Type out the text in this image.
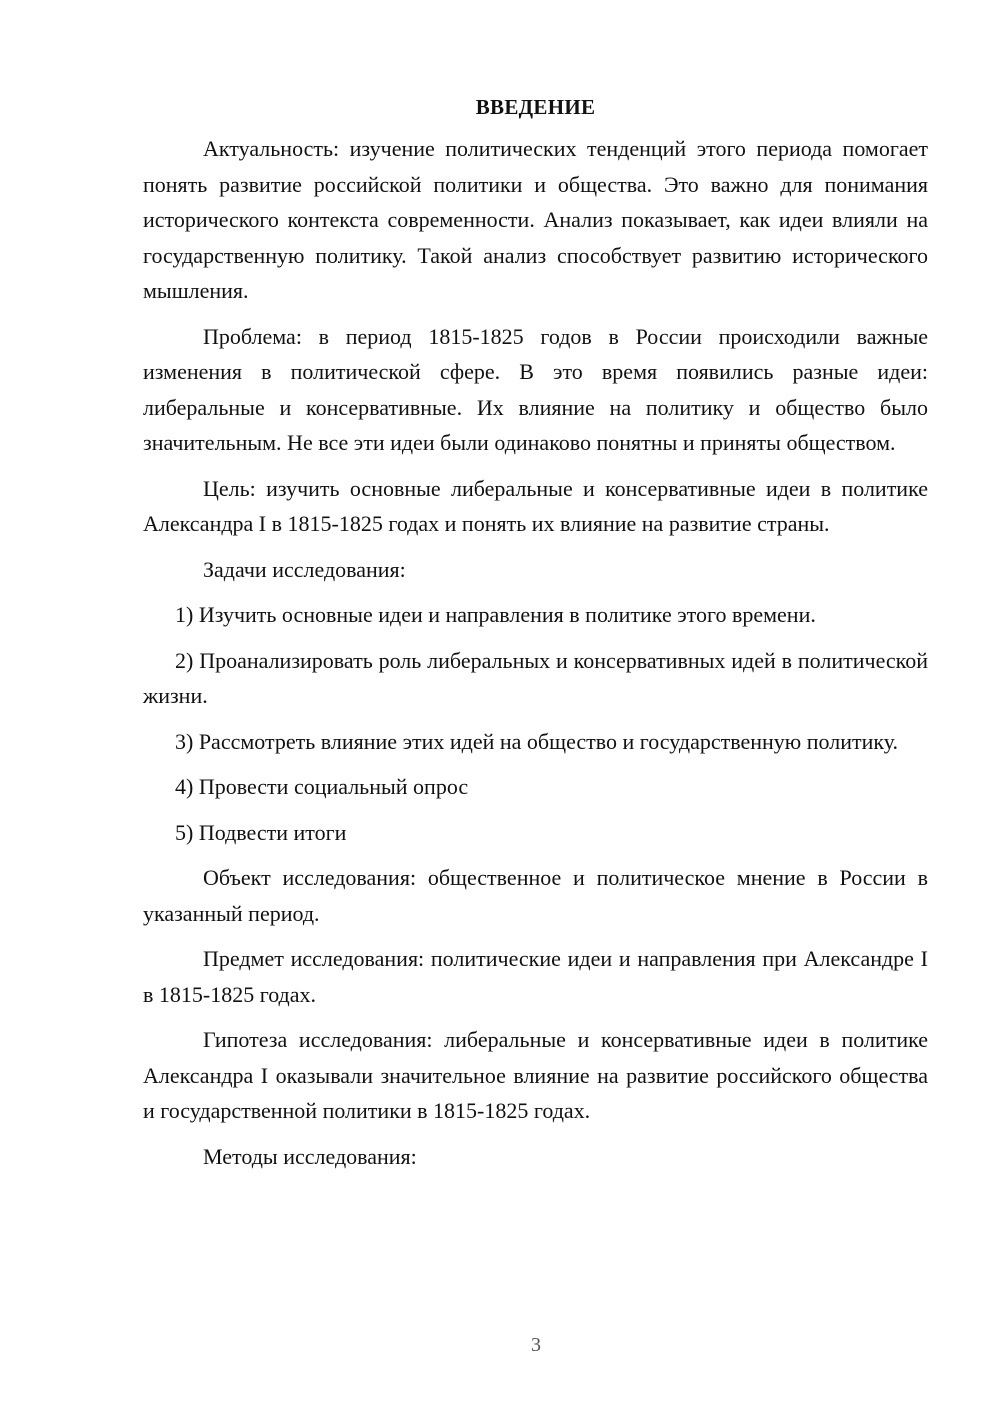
ВВЕДЕНИЕ

Актуальность: изучение политических тенденций этого периода помогает понять развитие российской политики и общества. Это важно для понимания исторического контекста современности. Анализ показывает, как идеи влияли на государственную политику. Такой анализ способствует развитию исторического мышления.

Проблема: в период 1815-1825 годов в России происходили важные изменения в политической сфере. В это время появились разные идеи: либеральные и консервативные. Их влияние на политику и общество было значительным. Не все эти идеи были одинаково понятны и приняты обществом.

Цель: изучить основные либеральные и консервативные идеи в политике Александра I в 1815-1825 годах и понять их влияние на развитие страны.

Задачи исследования:

1) Изучить основные идеи и направления в политике этого времени.

2) Проанализировать роль либеральных и консервативных идей в политической жизни.

3) Рассмотреть влияние этих идей на общество и государственную политику.

4) Провести социальный опрос

5) Подвести итоги

Объект исследования: общественное и политическое мнение в России в указанный период.

Предмет исследования: политические идеи и направления при Александре I в 1815-1825 годах.

Гипотеза исследования: либеральные и консервативные идеи в политике Александра I оказывали значительное влияние на развитие российского общества и государственной политики в 1815-1825 годах.

Методы исследования:

3
